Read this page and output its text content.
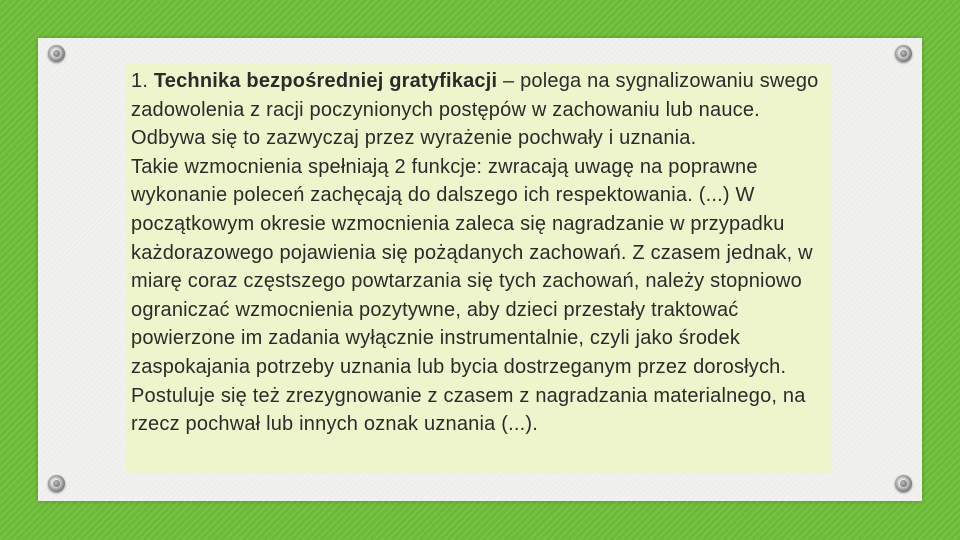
1. Technika bezpośredniej gratyfikacji – polega na sygnalizowaniu swego zadowolenia z racji poczynionych postępów w zachowaniu lub nauce. Odbywa się to zazwyczaj przez wyrażenie pochwały i uznania.

Takie wzmocnienia spełniają 2 funkcje: zwracają uwagę na poprawne wykonanie poleceń zachęcają do dalszego ich respektowania. (...) W początkowym okresie wzmocnienia zaleca się nagradzanie w przypadku każdorazowego pojawienia się pożądanych zachowań. Z czasem jednak, w miarę coraz częstszego powtarzania się tych zachowań, należy stopniowo ograniczać wzmocnienia pozytywne, aby dzieci przestały traktować powierzone im zadania wyłącznie instrumentalnie, czyli jako środek zaspokajania potrzeby uznania lub bycia dostrzeganym przez dorosłych. Postuluje się też zrezygnowanie z czasem z nagradzania materialnego, na rzecz pochwał lub innych oznak uznania (...).
